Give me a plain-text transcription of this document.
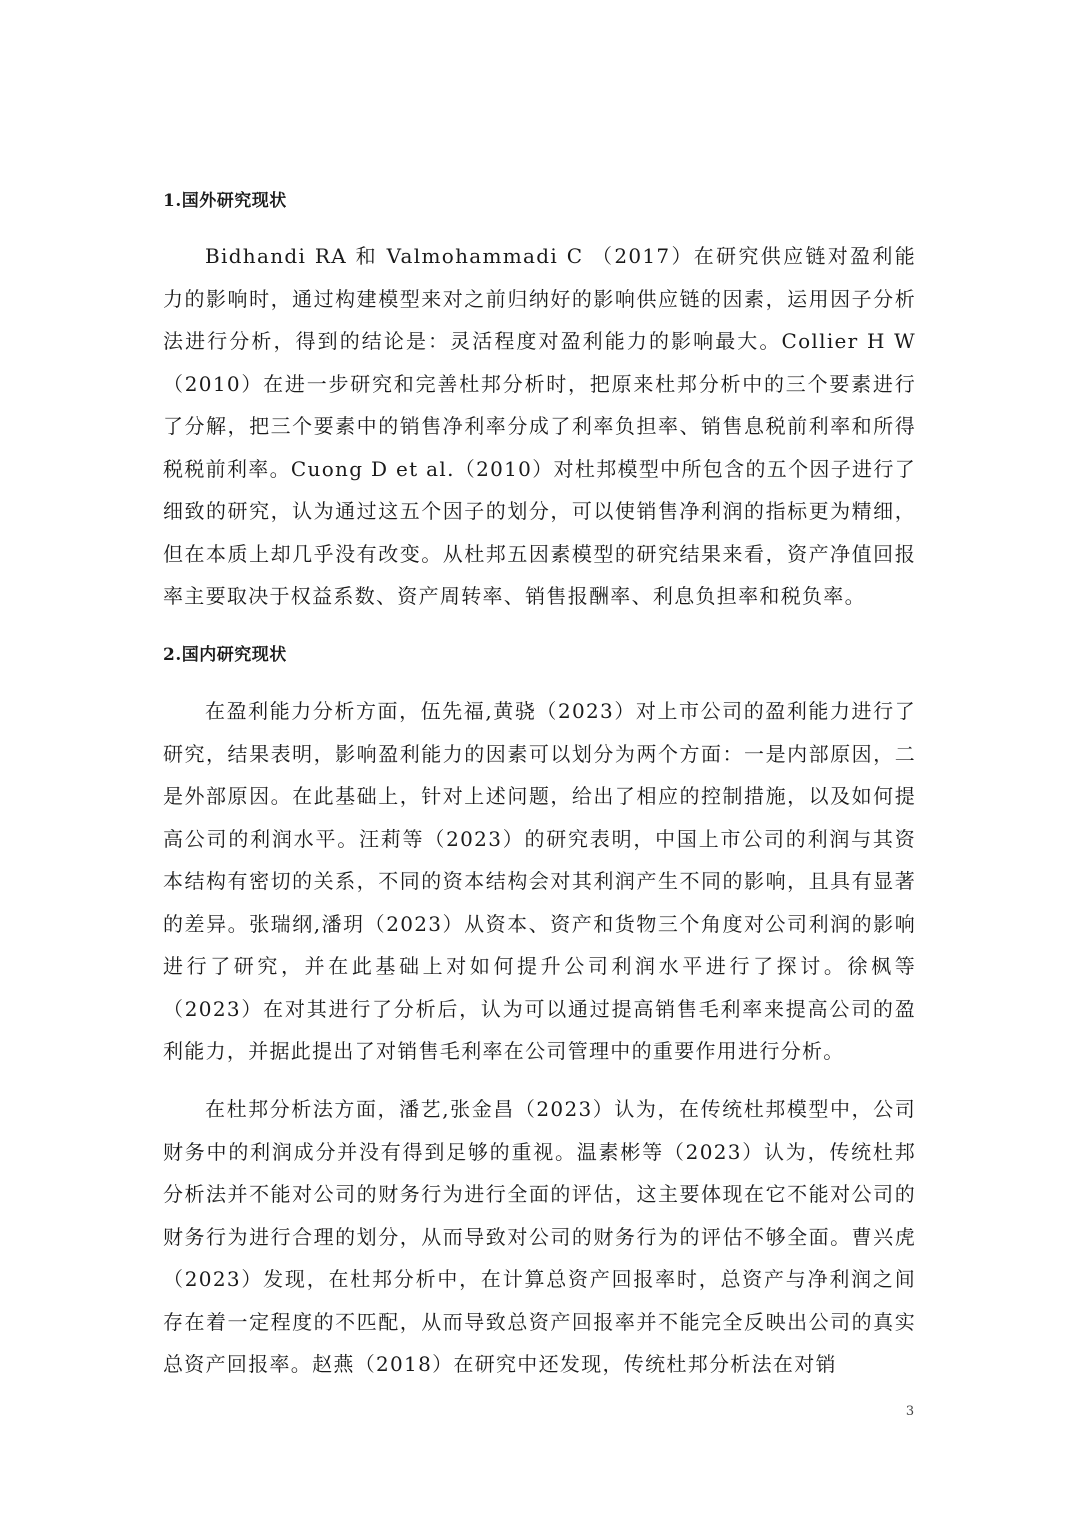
1.国外研究现状

Bidhandi RA 和 Valmohammadi C （2017）在研究供应链对盈利能力的影响时，通过构建模型来对之前归纳好的影响供应链的因素，运用因子分析法进行分析，得到的结论是：灵活程度对盈利能力的影响最大。Collier H W（2010）在进一步研究和完善杜邦分析时，把原来杜邦分析中的三个要素进行了分解，把三个要素中的销售净利率分成了利率负担率、销售息税前利率和所得税税前利率。Cuong D et al.（2010）对杜邦模型中所包含的五个因子进行了细致的研究，认为通过这五个因子的划分，可以使销售净利润的指标更为精细，但在本质上却几乎没有改变。从杜邦五因素模型的研究结果来看，资产净值回报率主要取决于权益系数、资产周转率、销售报酬率、利息负担率和税负率。

2.国内研究现状

在盈利能力分析方面，伍先福,黄骁（2023）对上市公司的盈利能力进行了研究，结果表明，影响盈利能力的因素可以划分为两个方面：一是内部原因，二是外部原因。在此基础上，针对上述问题，给出了相应的控制措施，以及如何提高公司的利润水平。汪莉等（2023）的研究表明，中国上市公司的利润与其资本结构有密切的关系，不同的资本结构会对其利润产生不同的影响，且具有显著的差异。张瑞纲,潘玥（2023）从资本、资产和货物三个角度对公司利润的影响进行了研究，并在此基础上对如何提升公司利润水平进行了探讨。徐枫等（2023）在对其进行了分析后，认为可以通过提高销售毛利率来提高公司的盈利能力，并据此提出了对销售毛利率在公司管理中的重要作用进行分析。

在杜邦分析法方面，潘艺,张金昌（2023）认为，在传统杜邦模型中，公司财务中的利润成分并没有得到足够的重视。温素彬等（2023）认为，传统杜邦分析法并不能对公司的财务行为进行全面的评估，这主要体现在它不能对公司的财务行为进行合理的划分，从而导致对公司的财务行为的评估不够全面。曹兴虎（2023）发现，在杜邦分析中，在计算总资产回报率时，总资产与净利润之间存在着一定程度的不匹配，从而导致总资产回报率并不能完全反映出公司的真实总资产回报率。赵燕（2018）在研究中还发现，传统杜邦分析法在对销

3
